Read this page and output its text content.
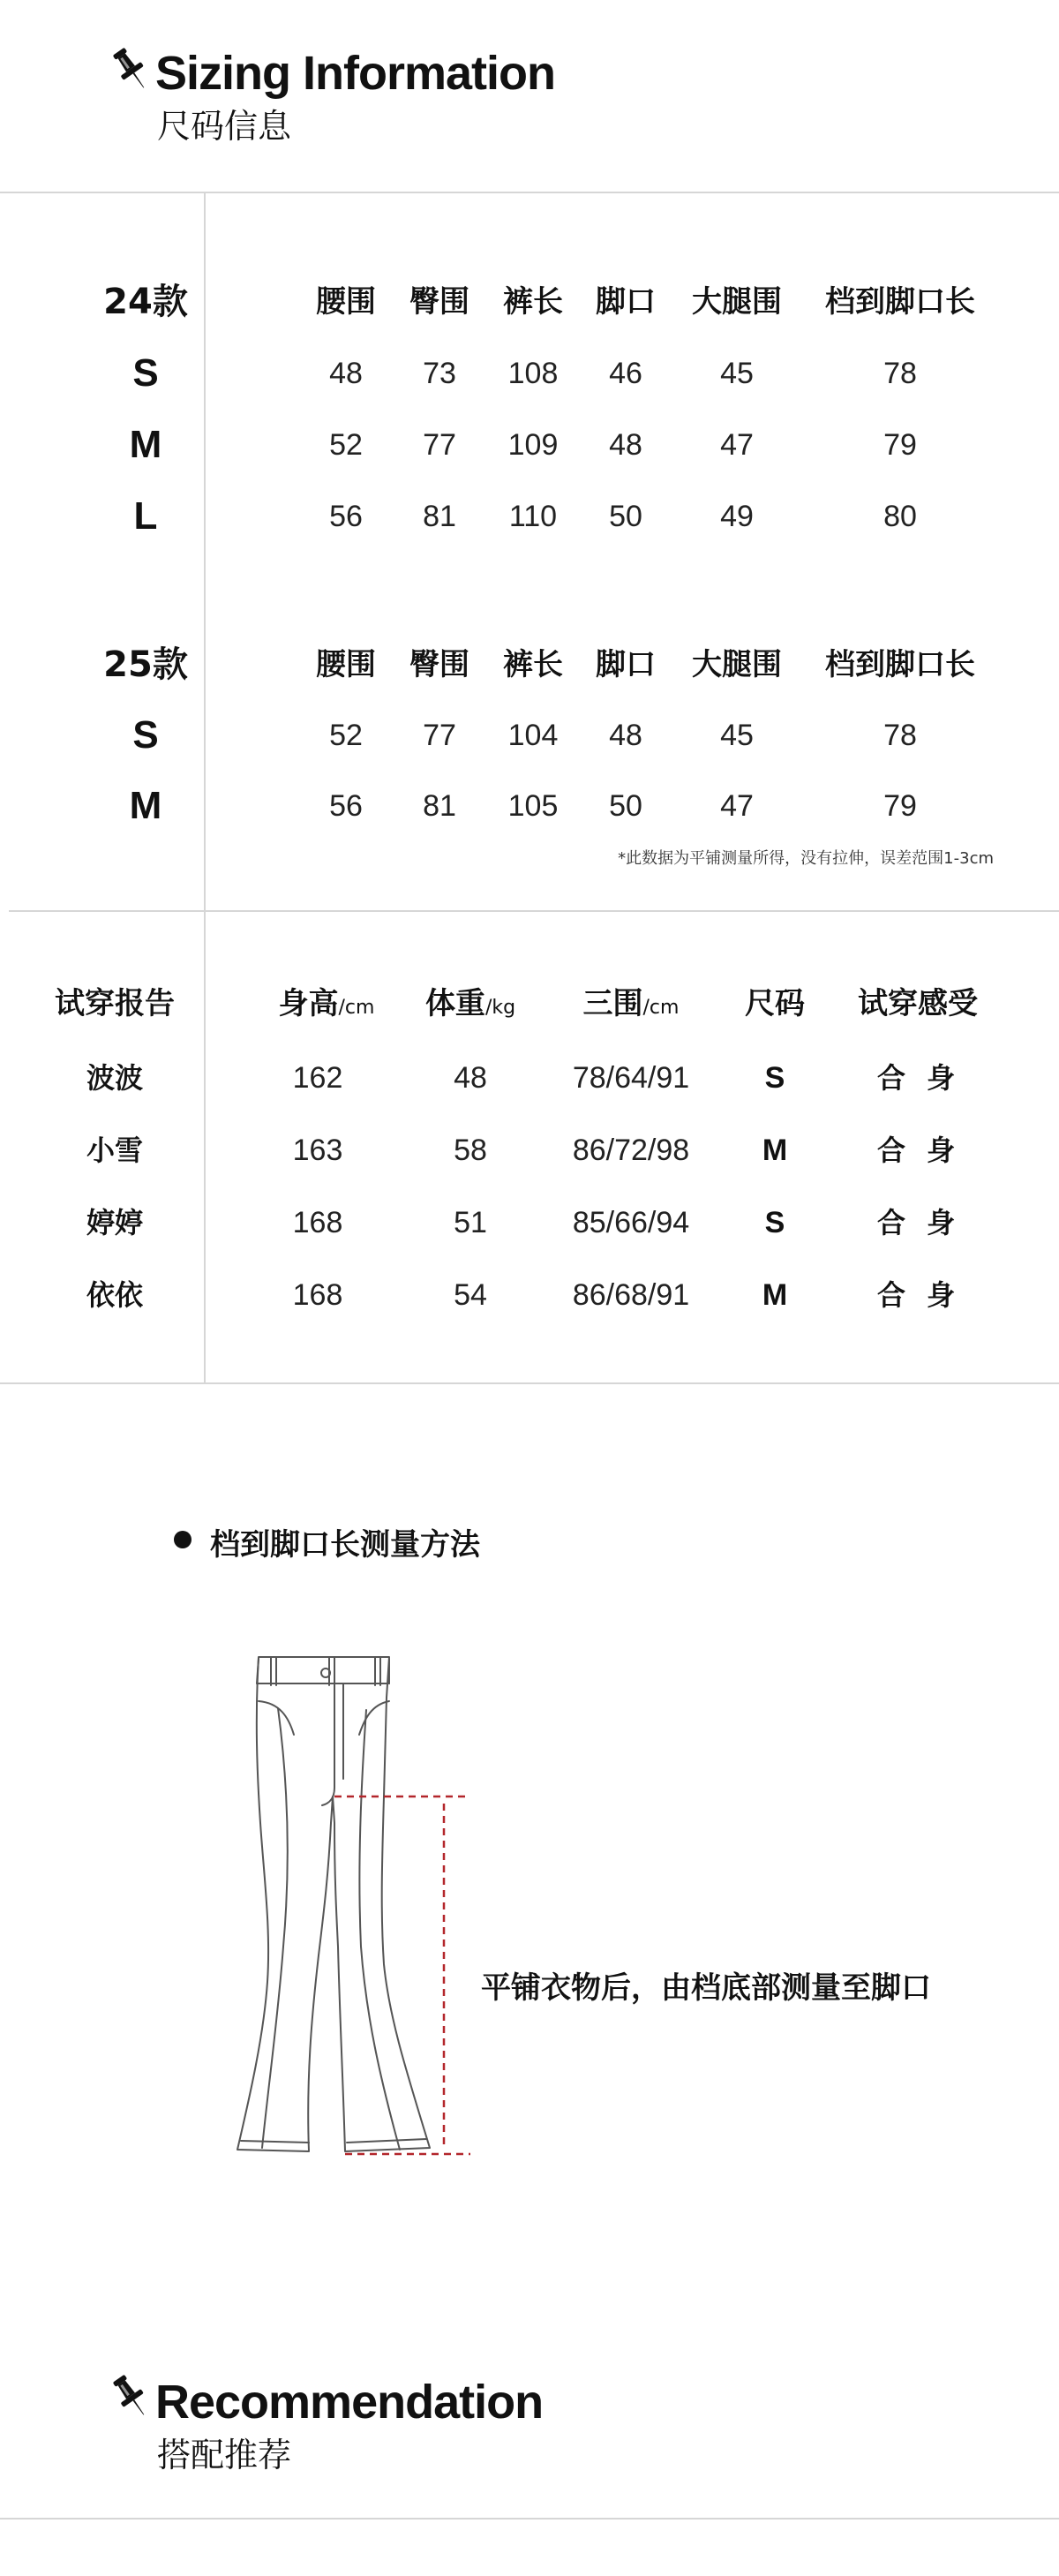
Sizing Information
尺码信息
24款	腰围	臀围	裤长	脚口	大腿围	档到脚口长
S	48	73	108	46	45	78
M	52	77	109	48	47	79
L	56	81	110	50	49	80
25款	腰围	臀围	裤长	脚口	大腿围	档到脚口长
S	52	77	104	48	45	78
M	56	81	105	50	47	79
*此数据为平铺测量所得，没有拉伸，误差范围1-3cm
试穿报告	身高/cm	体重/kg	三围/cm	尺码	试穿感受
波波	162	48	78/64/91	S	合身
小雪	163	58	86/72/98	M	合身
婷婷	168	51	85/66/94	S	合身
依依	168	54	86/68/91	M	合身
档到脚口长测量方法
平铺衣物后，由档底部测量至脚口
Recommendation
搭配推荐
